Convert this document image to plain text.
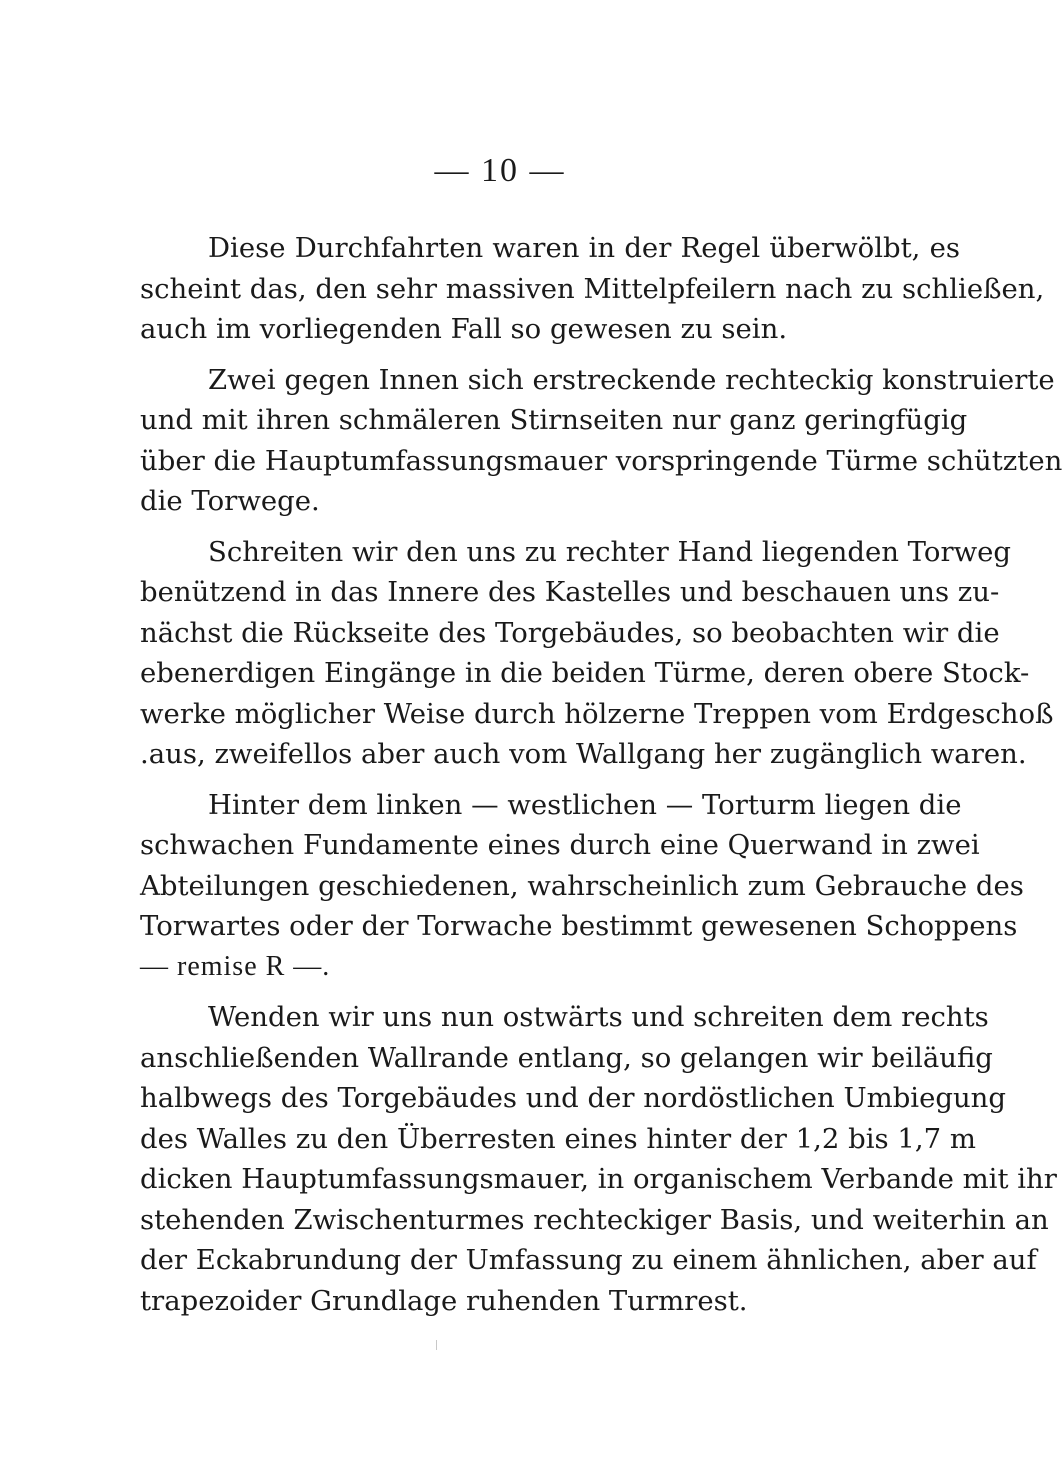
— 10 —
Diese Durchfahrten waren in der Regel überwölbt, es
scheint das, den sehr massiven Mittelpfeilern nach zu schließen,
auch im vorliegenden Fall so gewesen zu sein.
Zwei gegen Innen sich erstreckende rechteckig konstruierte
und mit ihren schmäleren Stirnseiten nur ganz geringfügig
über die Hauptumfassungsmauer vorspringende Türme schützten
die Torwege.
Schreiten wir den uns zu rechter Hand liegenden Torweg
benützend in das Innere des Kastelles und beschauen uns zu-
nächst die Rückseite des Torgebäudes, so beobachten wir die
ebenerdigen Eingänge in die beiden Türme, deren obere Stock-
werke möglicher Weise durch hölzerne Treppen vom Erdgeschoß
.aus, zweifellos aber auch vom Wallgang her zugänglich waren.
Hinter dem linken — westlichen — Torturm liegen die
schwachen Fundamente eines durch eine Querwand in zwei
Abteilungen geschiedenen, wahrscheinlich zum Gebrauche des
Torwartes oder der Torwache bestimmt gewesenen Schoppens
— remise R —.
Wenden wir uns nun ostwärts und schreiten dem rechts
anschließenden Wallrande entlang, so gelangen wir beiläufig
halbwegs des Torgebäudes und der nordöstlichen Umbiegung
des Walles zu den Überresten eines hinter der 1,2 bis 1,7 m
dicken Hauptumfassungsmauer, in organischem Verbande mit ihr
stehenden Zwischenturmes rechteckiger Basis, und weiterhin an
der Eckabrundung der Umfassung zu einem ähnlichen, aber auf
trapezoider Grundlage ruhenden Turmrest.
